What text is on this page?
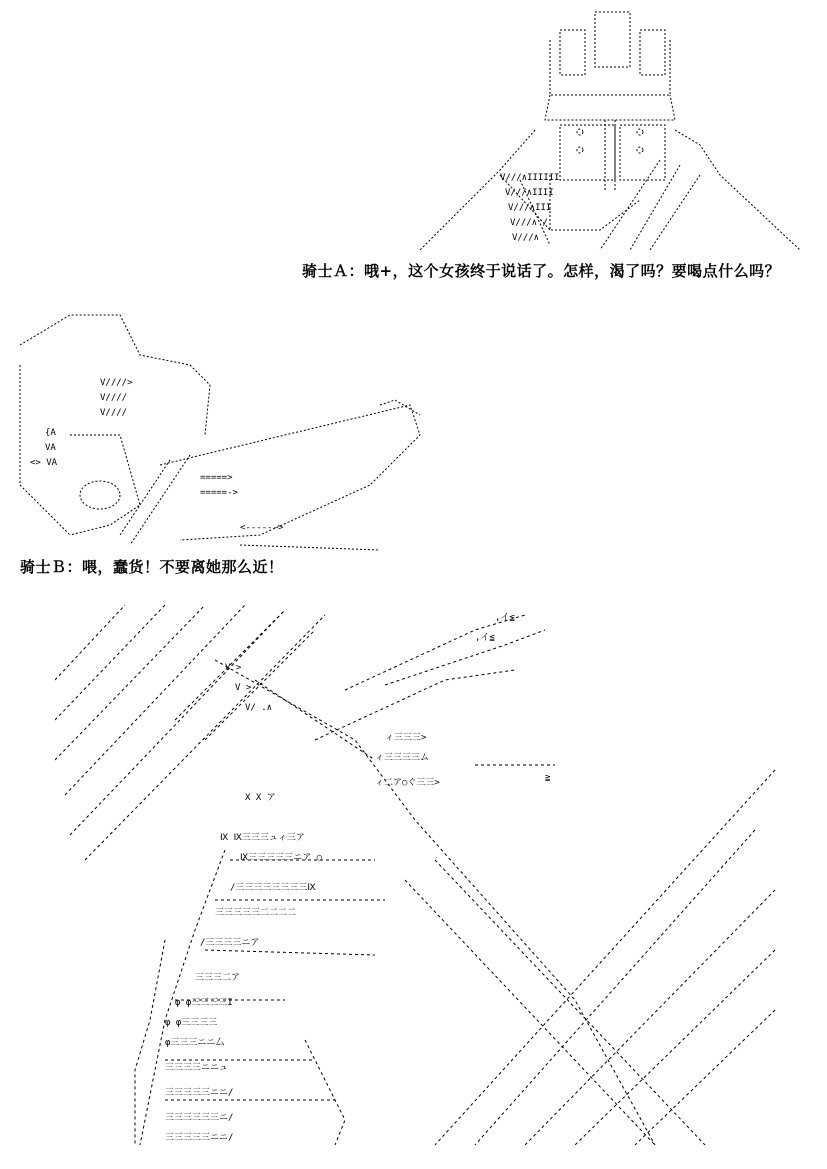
V///∧IIIIII
V///∧IIII
V///∧III
V///∧ /
V///∧
骑士Ａ：哦+，这个女孩终于说话了。怎样，渴了吗？要喝点什么吗？
V////>
V////
V////
{A
VA
<> VA
=====>
=====->
<------>
骑士Ｂ：喂，蠢货！不要离她那么近！
V >
V >
V/ .∧
X X ア
Ⅸ Ⅸ三三三ュィ三ア
Ⅸ三三三三三ニア ○
/三三三三三三三三Ⅸ
三三三三三二二二二
/三三三三ニア
三三三二ア
φ φ三三三三I
φ φ三三三三
φ三三三ニニ厶
三三三三ニニュ
三三三三三ニニ/
三三三三三三ニ/
三三三三三ニニ/
ィ三三三>
ィ三三三三ム
ィ二ア○ぐ三三>
,イ≦
,イ≦
≧
